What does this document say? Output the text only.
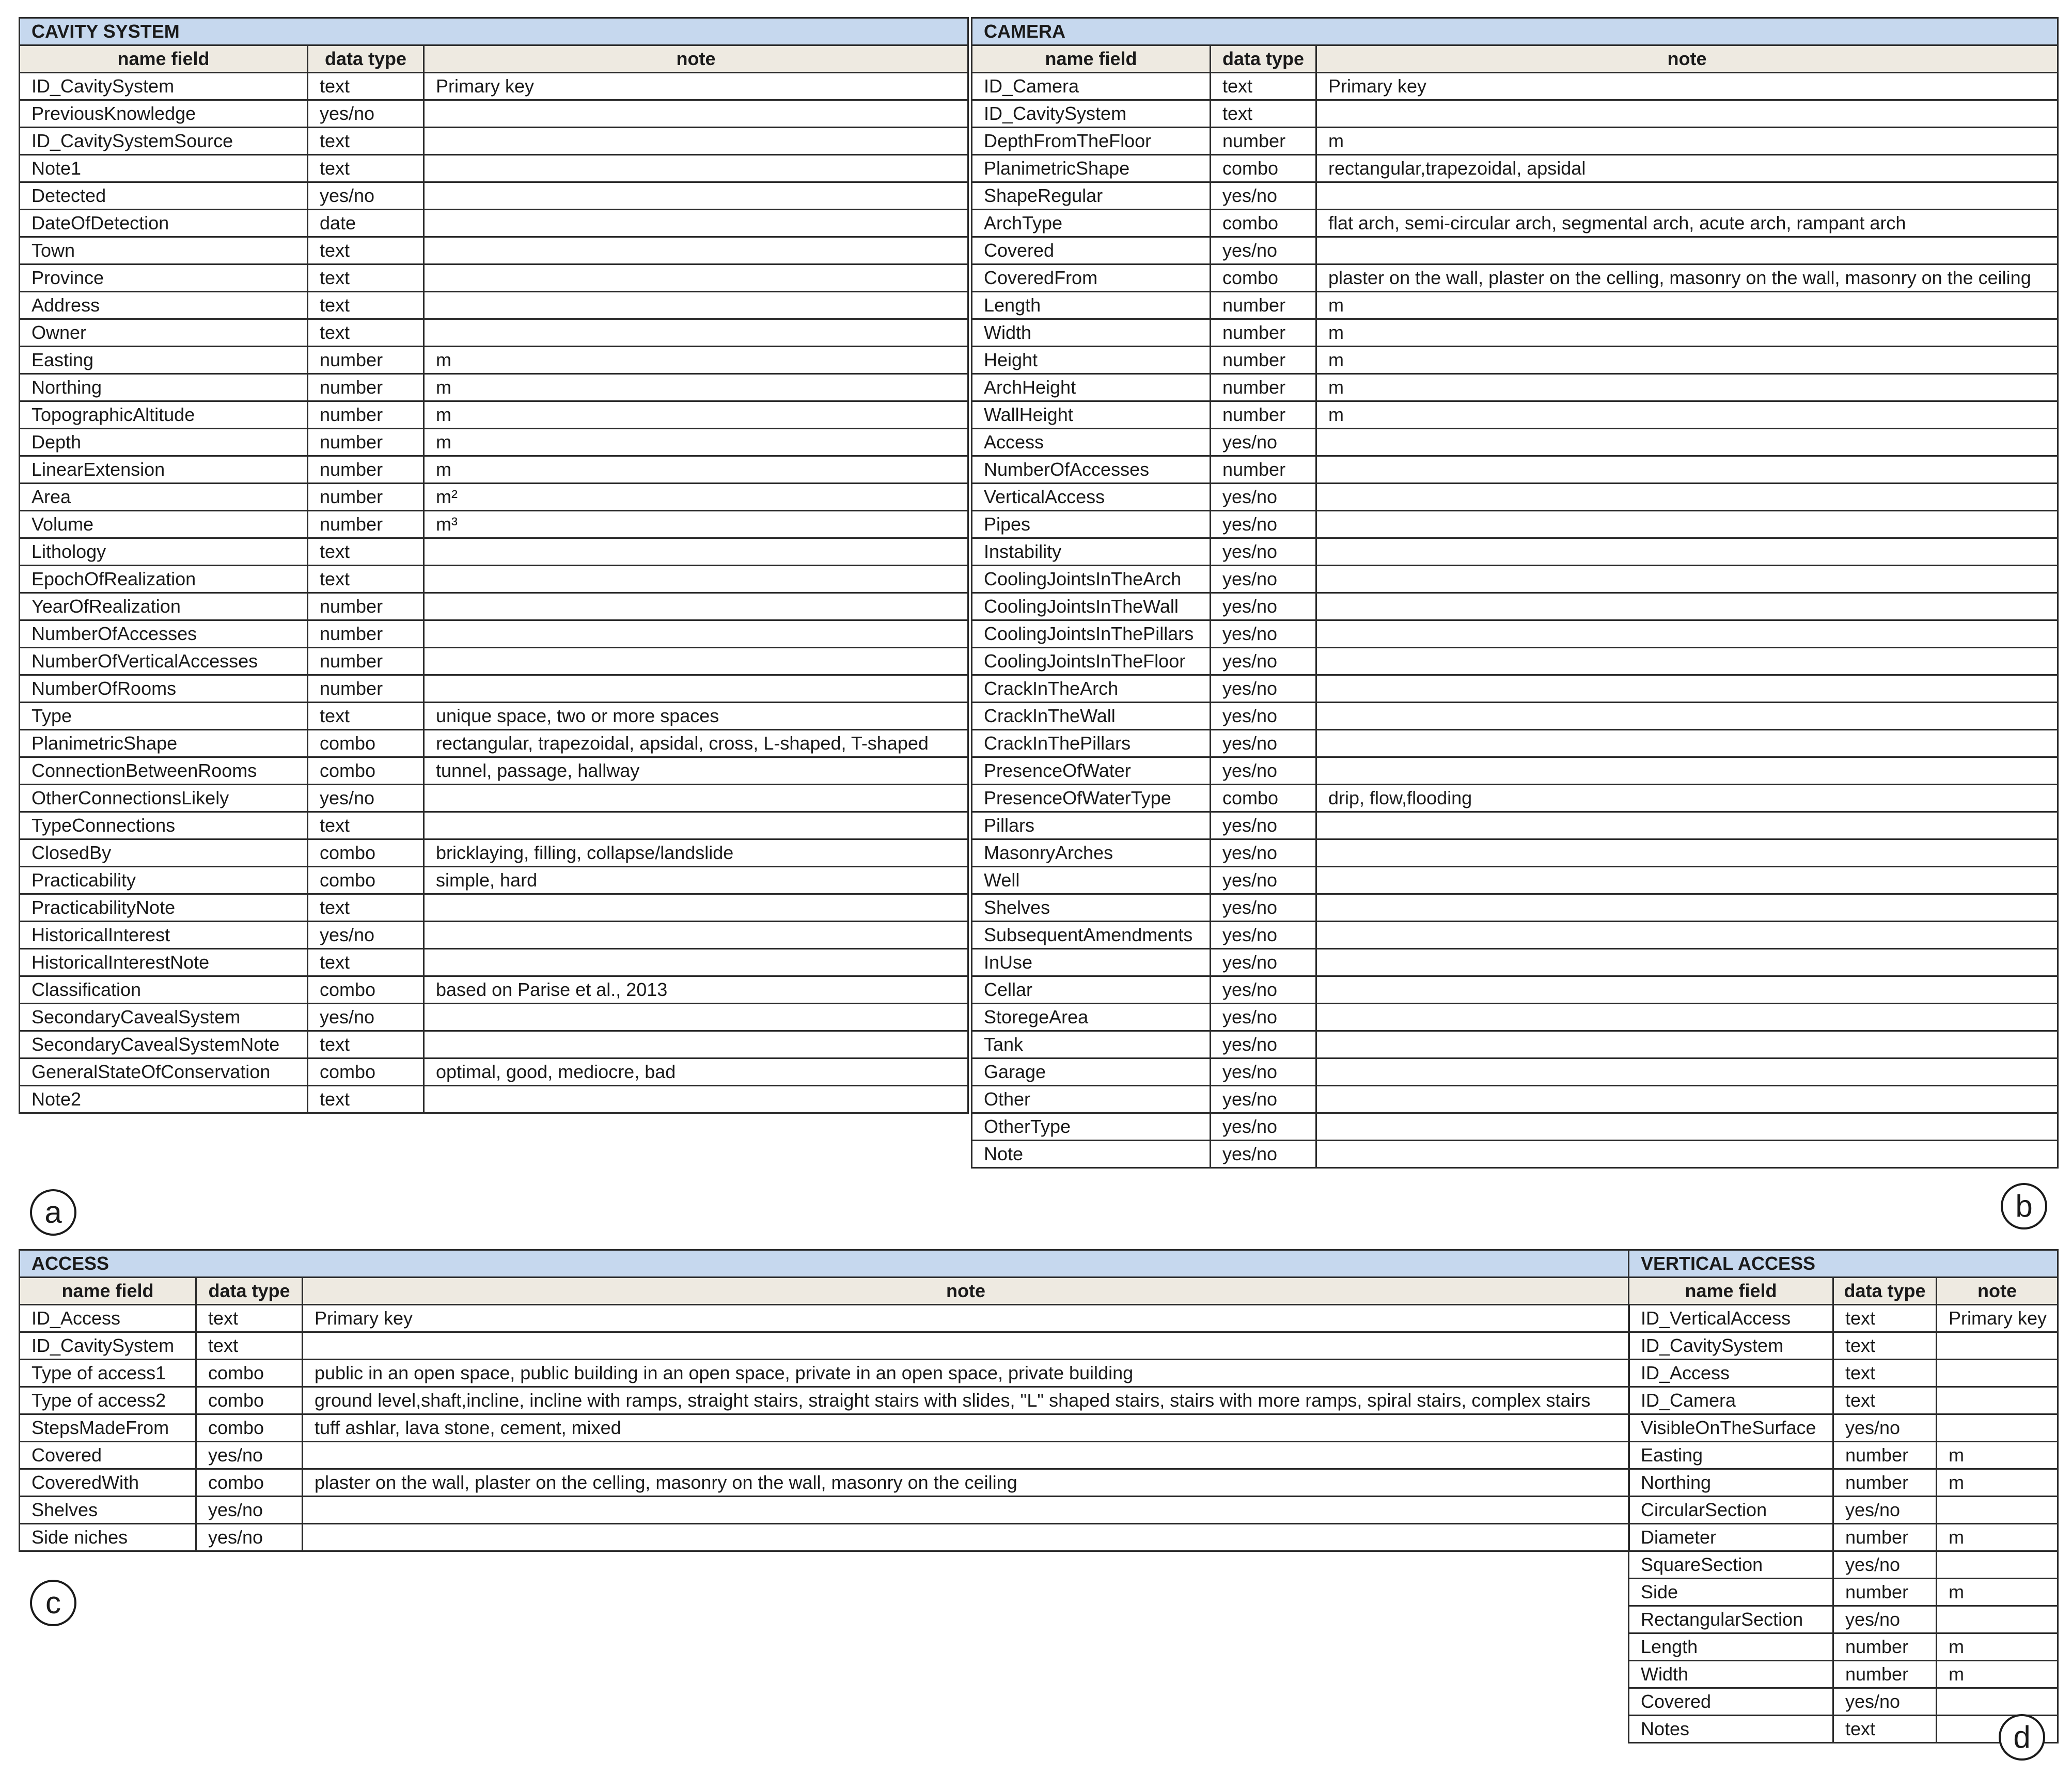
CAVITY SYSTEM		
name field	data type	note
ID_CavitySystem	text	Primary key
PreviousKnowledge	yes/no	
ID_CavitySystemSource	text	
Note1	text	
Detected	yes/no	
DateOfDetection	date	
Town	text	
Province	text	
Address	text	
Owner	text	
Easting	number	m
Northing	number	m
TopographicAltitude	number	m
Depth	number	m
LinearExtension	number	m
Area	number	m²
Volume	number	m³
Lithology	text	
EpochOfRealization	text	
YearOfRealization	number	
NumberOfAccesses	number	
NumberOfVerticalAccesses	number	
NumberOfRooms	number	
Type	text	unique space, two or more spaces
PlanimetricShape	combo	rectangular, trapezoidal, apsidal, cross, L-shaped, T-shaped
ConnectionBetweenRooms	combo	tunnel, passage, hallway
OtherConnectionsLikely	yes/no	
TypeConnections	text	
ClosedBy	combo	bricklaying, filling, collapse/landslide
Practicability	combo	simple, hard
PracticabilityNote	text	
HistoricalInterest	yes/no	
HistoricalInterestNote	text	
Classification	combo	based on Parise et al., 2013
SecondaryCavealSystem	yes/no	
SecondaryCavealSystemNote	text	
GeneralStateOfConservation	combo	optimal, good, mediocre, bad
Note2	text	
CAMERA		
name field	data type	note
ID_Camera	text	Primary key
ID_CavitySystem	text	
DepthFromTheFloor	number	m
PlanimetricShape	combo	rectangular,trapezoidal, apsidal
ShapeRegular	yes/no	
ArchType	combo	flat arch, semi-circular arch, segmental arch, acute arch, rampant arch
Covered	yes/no	
CoveredFrom	combo	plaster on the wall, plaster on the celling, masonry on the wall, masonry on the ceiling
Length	number	m
Width	number	m
Height	number	m
ArchHeight	number	m
WallHeight	number	m
Access	yes/no	
NumberOfAccesses	number	
VerticalAccess	yes/no	
Pipes	yes/no	
Instability	yes/no	
CoolingJointsInTheArch	yes/no	
CoolingJointsInTheWall	yes/no	
CoolingJointsInThePillars	yes/no	
CoolingJointsInTheFloor	yes/no	
CrackInTheArch	yes/no	
CrackInTheWall	yes/no	
CrackInThePillars	yes/no	
PresenceOfWater	yes/no	
PresenceOfWaterType	combo	drip, flow,flooding
Pillars	yes/no	
MasonryArches	yes/no	
Well	yes/no	
Shelves	yes/no	
SubsequentAmendments	yes/no	
InUse	yes/no	
Cellar	yes/no	
StoregeArea	yes/no	
Tank	yes/no	
Garage	yes/no	
Other	yes/no	
OtherType	yes/no	
Note	yes/no	
ACCESS		
name field	data type	note
ID_Access	text	Primary key
ID_CavitySystem	text	
Type of access1	combo	public in an open space, public building in an open space, private in an open space, private building
Type of access2	combo	ground level,shaft,incline, incline with ramps, straight stairs, straight stairs with slides, "L" shaped stairs, stairs with more ramps, spiral stairs, complex stairs
StepsMadeFrom	combo	tuff ashlar, lava stone, cement, mixed
Covered	yes/no	
CoveredWith	combo	plaster on the wall, plaster on the celling, masonry on the wall, masonry on the ceiling
Shelves	yes/no	
Side niches	yes/no	
VERTICAL ACCESS		
name field	data type	note
ID_VerticalAccess	text	Primary key
ID_CavitySystem	text	
ID_Access	text	
ID_Camera	text	
VisibleOnTheSurface	yes/no	
Easting	number	m
Northing	number	m
CircularSection	yes/no	
Diameter	number	m
SquareSection	yes/no	
Side	number	m
RectangularSection	yes/no	
Length	number	m
Width	number	m
Covered	yes/no	
Notes	text	
a	b
c
d
